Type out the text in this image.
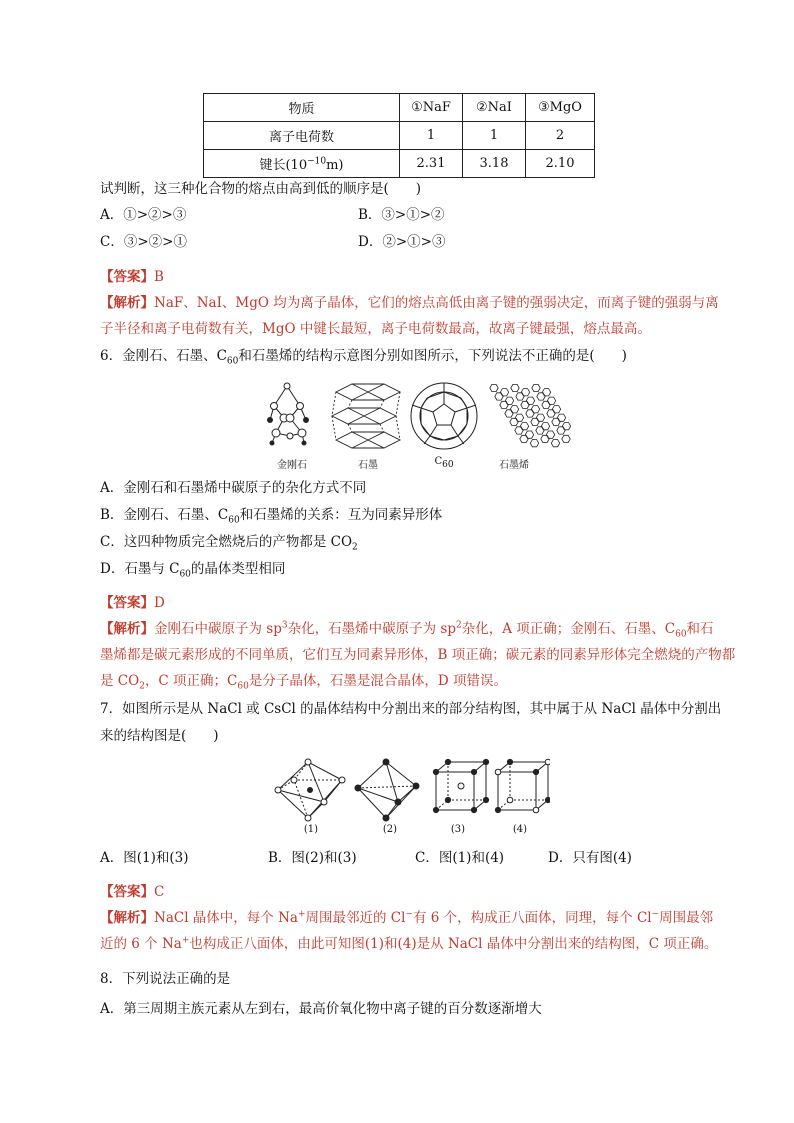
物质	①NaF	②NaI	③MgO
离子电荷数	1	1	2
键长$(10^{-10}m)$	2.31	3.18	2.10
试判断，这三种化合物的熔点由高到低的顺序是(　　)
A．①>②>③	B．③>①>②
C．③>②>①	D．②>①>③
【答案】B
【解析】NaF、NaI、MgO 均为离子晶体，它们的熔点高低由离子键的强弱决定，而离子键的强弱与离
子半径和离子电荷数有关，MgO 中键长最短，离子电荷数最高，故离子键最强，熔点最高。
6．金刚石、石墨、$C_{60}$和石墨烯的结构示意图分别如图所示，下列说法不正确的是(　　)
金刚石	石墨	$C_{60}$	石墨烯
A．金刚石和石墨烯中碳原子的杂化方式不同
B．金刚石、石墨、$C_{60}$和石墨烯的关系：互为同素异形体
C．这四种物质完全燃烧后的产物都是 $CO_2$
D．石墨与 $C_{60}$的晶体类型相同
【答案】D
【解析】金刚石中碳原子为 $sp^3$杂化，石墨烯中碳原子为 $sp^2$杂化，A 项正确；金刚石、石墨、$C_{60}$和石
墨烯都是碳元素形成的不同单质，它们互为同素异形体，B 项正确；碳元素的同素异形体完全燃烧的产物都
是 $CO_2$，C 项正确；$C_{60}$是分子晶体，石墨是混合晶体，D 项错误。
7．如图所示是从 NaCl 或 CsCl 的晶体结构中分割出来的部分结构图，其中属于从 NaCl 晶体中分割出
来的结构图是(　　)
(1)	(2)	(3)	(4)
A．图(1)和(3)	B．图(2)和(3)	C．图(1)和(4)	D．只有图(4)
【答案】C
【解析】NaCl 晶体中，每个 Na+周围最邻近的 Cl−有 6 个，构成正八面体，同理，每个 Cl−周围最邻
近的 6 个 Na+也构成正八面体，由此可知图(1)和(4)是从 NaCl 晶体中分割出来的结构图，C 项正确。
8．下列说法正确的是
A．第三周期主族元素从左到右，最高价氧化物中离子键的百分数逐渐增大
